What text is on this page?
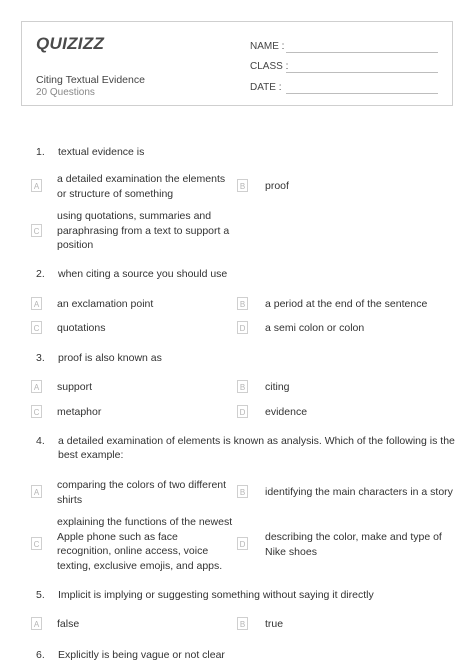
QUIZIZZ
Citing Textual Evidence
20 Questions
NAME :
CLASS :
DATE :
1.	textual evidence is
A
a detailed examination the elements or structure of something
B proof
C
using quotations, summaries and paraphrasing from a text to support a position
2.	when citing a source you should use
A an exclamation point	B a period at the end of the sentence
C quotations	D a semi colon or colon
3.	proof is also known as
A support	B citing
C metaphor	D evidence
4.	a detailed examination of elements is known as analysis. Which of the following is the best example:
A
comparing the colors of two different shirts
B identifying the main characters in a story
C
explaining the functions of the newest Apple phone such as face recognition, online access, voice texting, exclusive emojis, and apps.
D
describing the color, make and type of Nike shoes
5.	Implicit is implying or suggesting something without saying it directly
A false	B true
6.	Explicitly is being vague or not clear
